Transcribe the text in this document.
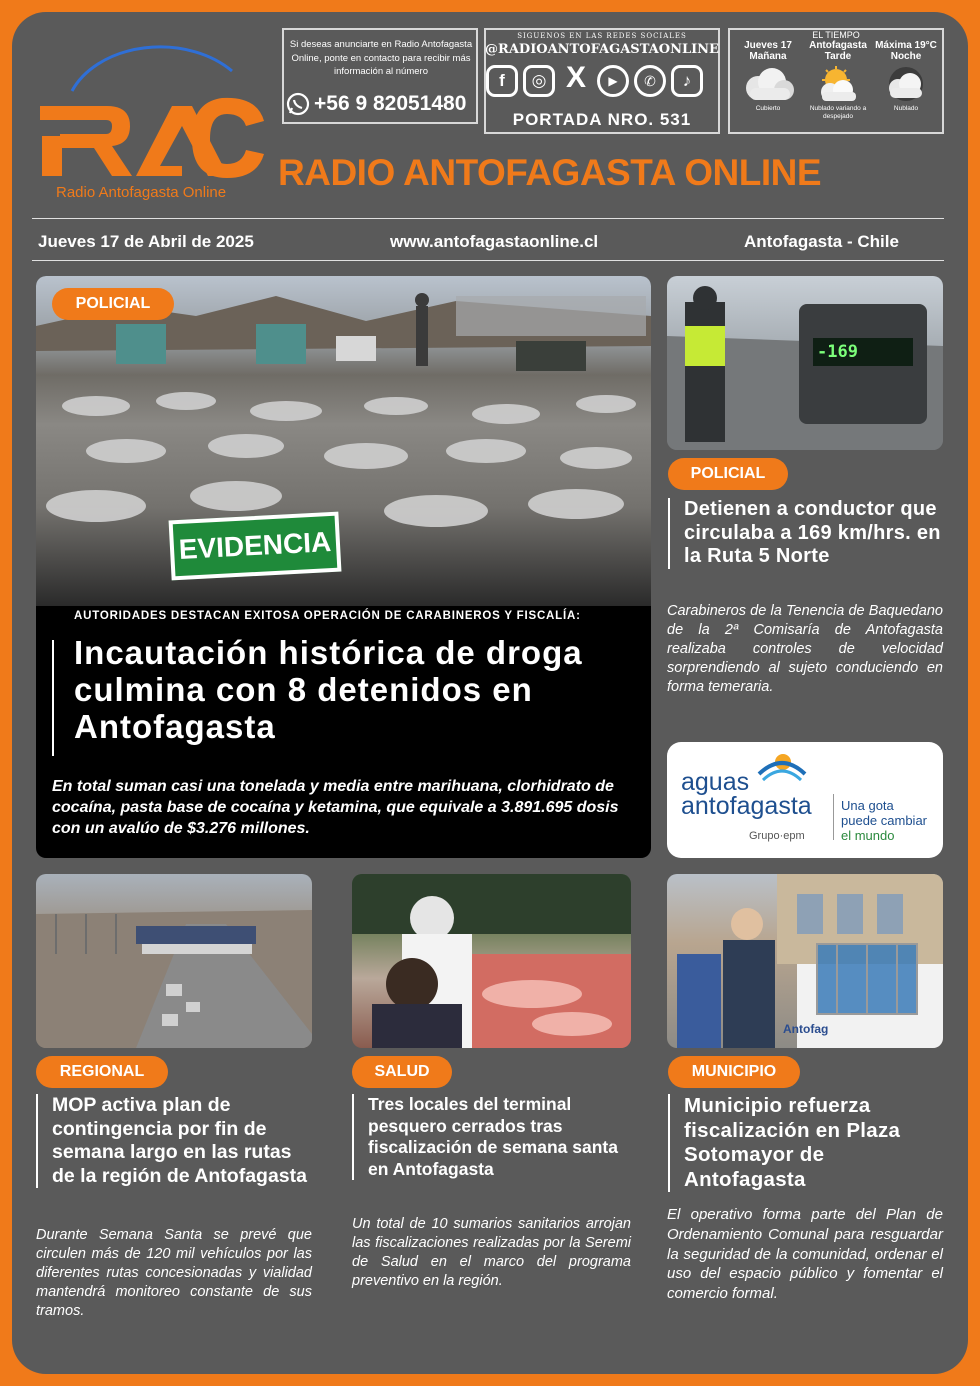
Radio Antofagasta Online
Si deseas anunciarte en Radio Antofagasta Online, ponte en contacto para recibir más información al número
+56 9 82051480
SIGUENOS EN LAS REDES SOCIALES
@RADIOANTOFAGASTAONLINE
f ◎ X ▶ ✆ ♪
PORTADA NRO. 531
EL TIEMPO
Jueves 17
Mañana
Cubierto
Antofagasta
Tarde
Nublado variando a despejado
Máxima 19°C
Noche
Nublado
RADIO ANTOFAGASTA ONLINE
Jueves 17 de Abril de 2025	www.antofagastaonline.cl	Antofagasta - Chile
EVIDENCIA
POLICIAL
AUTORIDADES DESTACAN EXITOSA OPERACIÓN DE CARABINEROS Y FISCALÍA:
Incautación histórica de droga culmina con 8 detenidos en Antofagasta
En total suman casi una tonelada y media entre marihuana, clorhidrato de cocaína, pasta base de cocaína y ketamina, que equivale a 3.891.695 dosis con un avalúo de $3.276 millones.
-169
POLICIAL
Detienen a conductor que circulaba a 169 km/hrs. en la Ruta 5 Norte
Carabineros de la Tenencia de Baquedano de la 2ª Comisaría de Antofagasta realizaba controles de velocidad sorprendiendo al sujeto conduciendo en forma temeraria.
aguas
antofagasta
Grupo·epm
Una gota
puede cambiar
el mundo
REGIONAL
MOP activa plan de contingencia por fin de semana largo en las rutas de la región de Antofagasta
Durante Semana Santa se prevé que circulen más de 120 mil vehículos por las diferentes rutas concesionadas y vialidad mantendrá monitoreo constante de sus tramos.
SALUD
Tres locales del terminal pesquero cerrados tras fiscalización de semana santa en Antofagasta
Un total de 10 sumarios sanitarios arrojan las fiscalizaciones realizadas por la Seremi de Salud en el marco del programa preventivo en la región.
Antofag
MUNICIPIO
Municipio refuerza fiscalización en Plaza Sotomayor de Antofagasta
El operativo forma parte del Plan de Ordenamiento Comunal para resguardar la seguridad de la comunidad, ordenar el uso del espacio público y fomentar el comercio formal.
